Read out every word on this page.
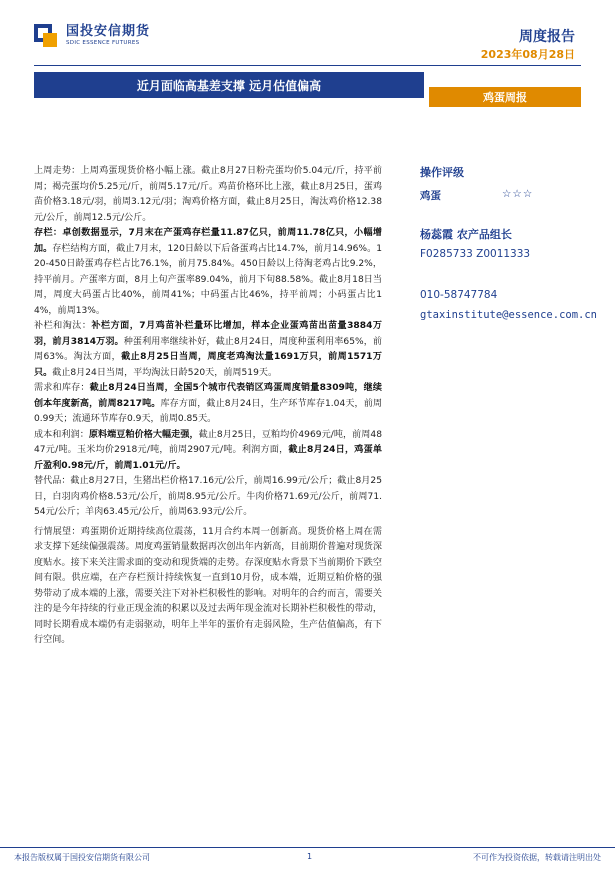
国投安信期货
SDIC ESSENCE FUTURES	周度报告
2023年08月28日
近月面临高基差支撑 远月估值偏高
鸡蛋周报

上周走势：上周鸡蛋现货价格小幅上涨。截止8月27日粉壳蛋均价5.04元/斤，持平前周；褐壳蛋均价5.25元/斤，前周5.17元/斤。鸡苗价格环比上涨，截止8月25日，蛋鸡苗价格3.18元/羽，前周3.12元/羽；淘鸡价格方面，截止8月25日，淘汰鸡价格12.38元/公斤，前周12.5元/公斤。

存栏：卓创数据显示，7月末在产蛋鸡存栏量11.87亿只，前周11.78亿只，小幅增加。存栏结构方面，截止7月末，120日龄以下后备蛋鸡占比14.7%，前月14.96%。120-450日龄蛋鸡存栏占比76.1%，前月75.84%。450日龄以上待淘老鸡占比9.2%，持平前月。产蛋率方面，8月上旬产蛋率89.04%，前月下旬88.58%。截止8月18日当周，周度大码蛋占比40%，前周41%；中码蛋占比46%，持平前周；小码蛋占比14%，前周13%。

补栏和淘汰：补栏方面，7月鸡苗补栏量环比增加，样本企业蛋鸡苗出苗量3884万羽，前月3814万羽。种蛋利用率继续补好，截止8月24日，周度种蛋利用率65%，前周63%。淘汰方面，截止8月25日当周，周度老鸡淘汰量1691万只，前周1571万只。截止8月24日当周，平均淘汰日龄520天，前周519天。

需求和库存：截止8月24日当周，全国5个城市代表销区鸡蛋周度销量8309吨，继续创本年度新高，前周8217吨。库存方面，截止8月24日，生产环节库存1.04天，前周0.99天；流通环节库存0.9天，前周0.85天。

成本和利润：原料端豆粕价格大幅走强，截止8月25日，豆粕均价4969元/吨，前周4847元/吨。玉米均价2918元/吨，前周2907元/吨。利润方面，截止8月24日，鸡蛋单斤盈利0.98元/斤，前周1.01元/斤。

替代品：截止8月27日，生猪出栏价格17.16元/公斤，前周16.99元/公斤；截止8月25日，白羽肉鸡价格8.53元/公斤，前周8.95元/公斤。牛肉价格71.69元/公斤，前周71.54元/公斤；羊肉63.45元/公斤，前周63.93元/公斤。

行情展望：鸡蛋期价近期持续高位震荡，11月合约本周一创新高。现货价格上周在需求支撑下延续偏强震荡。周度鸡蛋销量数据再次创出年内新高，目前期价普遍对现货深度贴水。接下来关注需求面的变动和现货端的走势。存深度贴水背景下当前期价下跌空间有限。供应端，在产存栏预计持续恢复一直到10月份，成本端，近期豆粕价格的强势带动了成本端的上涨，需要关注下对补栏积极性的影响。对明年的合约而言，需要关注的是今年持续的行业正现金流的积累以及过去两年现金流对长期补栏积极性的带动，同时长期看成本端仍有走弱驱动，明年上半年的蛋价有走弱风险，生产估值偏高，有下行空间。

操作评级
鸡蛋	☆☆☆
杨蕊霞 农产品组长
F0285733 Z0011333
010-58747784
gtaxinstitute@essence.com.cn
本报告版权属于国投安信期货有限公司	1	不可作为投资依据，转载请注明出处
